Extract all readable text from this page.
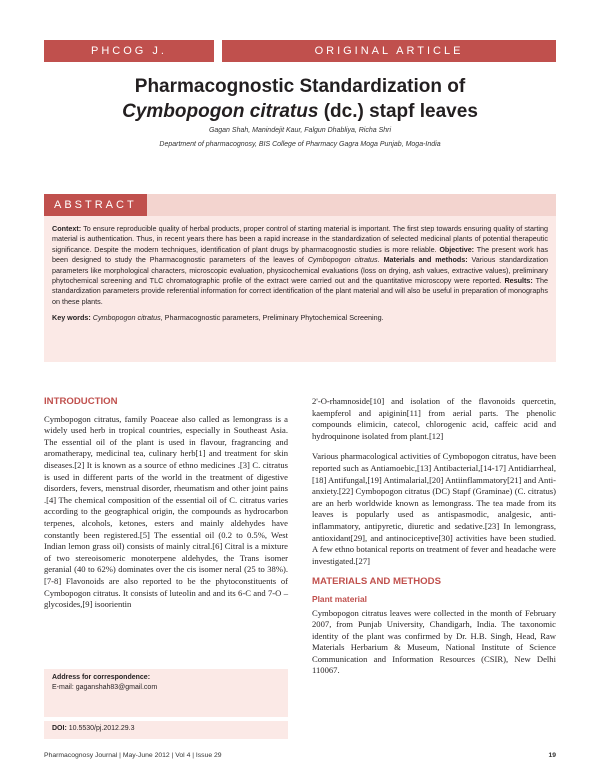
PHCOG J.	ORIGINAL ARTICLE
Pharmacognostic Standardization of
Cymbopogon citratus (dc.) stapf leaves
Gagan Shah, Manindejit Kaur, Falgun Dhabliya, Richa Shri
Department of pharmacognosy, BIS College of Pharmacy Gagra Moga Punjab, Moga-India
ABSTRACT
Context: To ensure reproducible quality of herbal products, proper control of starting material is important. The first step towards ensuring quality of starting material is authentication. Thus, in recent years there has been a rapid increase in the standardization of selected medicinal plants of potential therapeutic significance. Despite the modern techniques, identification of plant drugs by pharmacognostic studies is more reliable. Objective: The present work has been designed to study the Pharmacognostic parameters of the leaves of Cymbopogon citratus. Materials and methods: Various standardization parameters like morphological characters, microscopic evaluation, physicochemical evaluations (loss on drying, ash values, extractive values), preliminary phytochemical screening and TLC chromatographic profile of the extract were carried out and the quantitative microscopy were reported. Results: The standardization parameters provide referential information for correct identification of the plant material and will also be useful in preparation of monographs on these plants.
Key words: Cymbopogon citratus, Pharmacognostic parameters, Preliminary Phytochemical Screening.
INTRODUCTION
Cymbopogon citratus, family Poaceae also called as lemongrass is a widely used herb in tropical countries, especially in Southeast Asia. The essential oil of the plant is used in flavour, fragrancing and aromatherapy, medicinal tea, culinary herb[1] and treatment for skin diseases.[2] It is known as a source of ethno medicines .[3] C. citratus is used in different parts of the world in the treatment of digestive disorders, fevers, menstrual disorder, rheumatism and other joint pains .[4] The chemical composition of the essential oil of C. citratus varies according to the geographical origin, the compounds as hydrocarbon terpenes, alcohols, ketones, esters and mainly aldehydes have constantly been registered.[5] The essential oil (0.2 to 0.5%, West Indian lemon grass oil) consists of mainly citral.[6] Citral is a mixture of two stereoisomeric monoterpene aldehydes, the Trans isomer geranial (40 to 62%) dominates over the cis isomer neral (25 to 38%).[7-8] Flavonoids are also reported to be the phytoconstituents of Cymbopogon citratus. It consists of luteolin and and its 6-C and 7-O –glycosides,[9] isoorientin
2'-O-rhamnoside[10] and isolation of the flavonoids quercetin, kaempferol and apiginin[11] from aerial parts. The phenolic compounds elimicin, catecol, chlorogenic acid, caffeic acid and hydroquinone isolated from plant.[12]
Various pharmacological activities of Cymbopogon citratus, have been reported such as Antiamoebic,[13] Antibacterial,[14-17] Antidiarrheal,[18] Antifungal,[19] Antimalarial,[20] Antiinflammatory[21] and Anti-anxiety.[22] Cymbopogon citratus (DC) Stapf (Graminae) (C. citratus) are an herb worldwide known as lemongrass. The tea made from its leaves is popularly used as antispasmodic, analgesic, anti-inflammatory, antipyretic, diuretic and sedative.[23] In lemongrass, antioxidant[29], and antinociceptive[30] activities have been studied. A few ethno botanical reports on treatment of fever and headache were investigated.[27]
MATERIALS AND METHODS
Plant material
Cymbopogon citratus leaves were collected in the month of February 2007, from Punjab University, Chandigarh, India. The taxonomic identity of the plant was confirmed by Dr. H.B. Singh, Head, Raw Materials Herbarium & Museum, National Institute of Science Communication and Information Resources (CSIR), New Delhi 110067.
Address for correspondence:
E-mail: gaganshah83@gmail.com
DOI: 10.5530/pj.2012.29.3
Pharmacognosy Journal | May-June 2012 | Vol 4 | Issue 29	19
